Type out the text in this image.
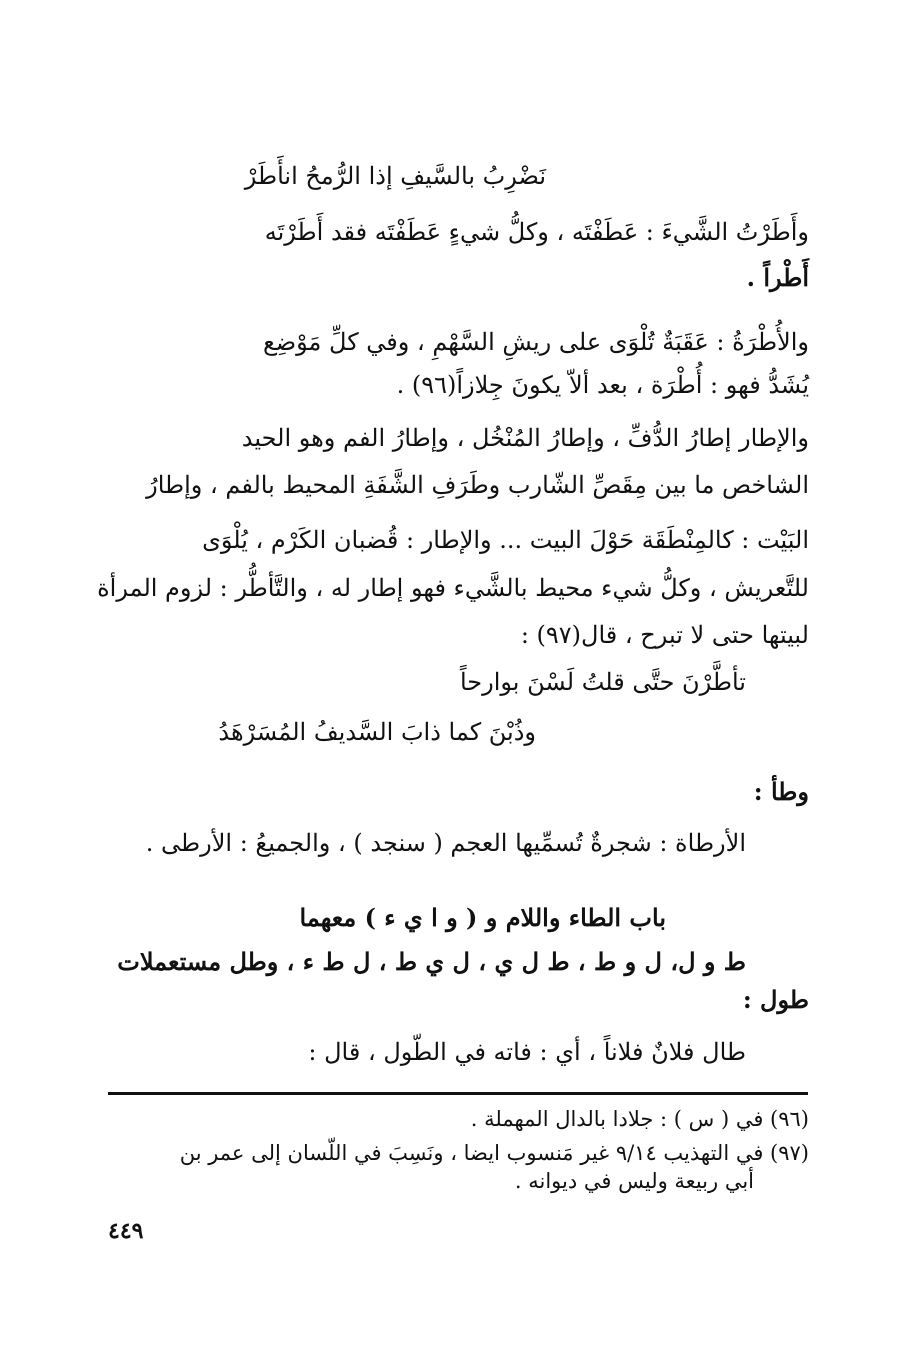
نَضْرِبُ بالسَّيفِ إذا الرُّمحُ انأَطَرْ
وأَطَرْتُ الشَّيءَ : عَطَفْتَه ، وكلُّ شيءٍ عَطَفْتَه فقد أَطَرْتَه
أَطْراً .
والأُطْرَةُ : عَقَبَةٌ تُلْوَى على ريشِ السَّهْمِ ، وفي كلِّ مَوْضِع
يُشَدُّ فهو : أُطْرَة ، بعد ألاّ يكونَ جِلازاً(٩٦) .
والإطار إطارُ الدُّفِّ ، وإطارُ المُنْخُل ، وإطارُ الفم وهو الحيد
الشاخص ما بين مِقَصِّ الشّارب وطَرَفِ الشَّفَةِ المحيط بالفم ، وإطارُ
البَيْت : كالمِنْطَقَة حَوْلَ البيت ... والإطار : قُضبان الكَرْم ، يُلْوَى
للتَّعريش ، وكلُّ شيء محيط بالشَّيء فهو إطار له ، والتَّأطُّر : لزوم المرأة
لبيتها حتى لا تبرح ، قال(٩٧) :
تأطَّرْنَ حتَّى قلتُ لَسْنَ بوارحاً
وذُبْنَ كما ذابَ السَّديفُ المُسَرْهَدُ
وطأ :
الأرطاة : شجرةٌ تُسمِّيها العجم ( سنجد ) ، والجميعُ : الأرطى .
باب الطاء واللام و ( و ا ي ء ) معهما
ط و ل، ل و ط ، ط ل ي ، ل ي ط ، ل ط ء ، وطل مستعملات
طول :
طال فلانٌ فلاناً ، أي : فاته في الطّول ، قال :
(٩٦) في ( س ) : جلادا بالدال المهملة .
(٩٧) في التهذيب ٩/١٤ غير مَنسوب ايضا ، ونَسِبَ في اللّسان إلى عمر بن
أبي ربيعة وليس في ديوانه .
٤٤٩
